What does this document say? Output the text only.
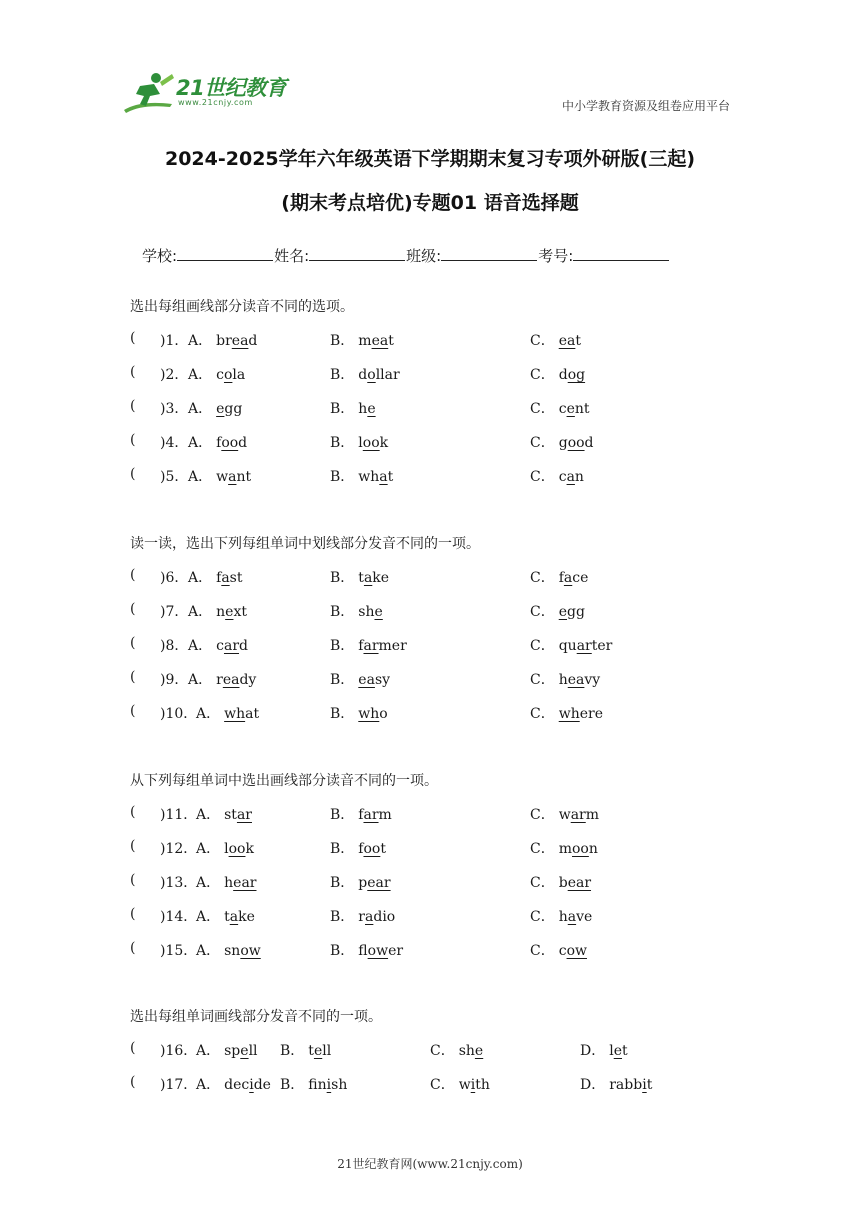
21世纪教育
www.21cnjy.com	中小学教育资源及组卷应用平台
2024-2025学年六年级英语下学期期末复习专项外研版(三起)
(期末考点培优)专题01 语音选择题
学校:	姓名:	班级:	考号:
选出每组画线部分读音不同的选项。
( )1． A． bread	B． meat	C． eat
( )2． A． cola	B． dollar	C． dog
( )3． A． egg	B． he	C． cent
( )4． A． food	B． look	C． good
( )5． A． want	B． what	C． can
读一读，选出下列每组单词中划线部分发音不同的一项。
( )6． A． fast	B． take	C． face
( )7． A． next	B． she	C． egg
( )8． A． card	B． farmer	C． quarter
( )9． A． ready	B． easy	C． heavy
( )10．
A． what	B． who	C． where
从下列每组单词中选出画线部分读音不同的一项。
( )11．
A． star	B． farm	C． warm
( )12．
A． look	B． foot	C． moon
( )13．
A． hear	B． pear	C． bear
( )14．
A． take	B． radio	C． have
( )15．
A． snow	B． flower	C． cow
选出每组单词画线部分发音不同的一项。
( )16．
A． spell B． tell	C． she	D． let
( )17．
A． decide B． finish	C． with	D． rabbit
21世纪教育网(www.21cnjy.com)
